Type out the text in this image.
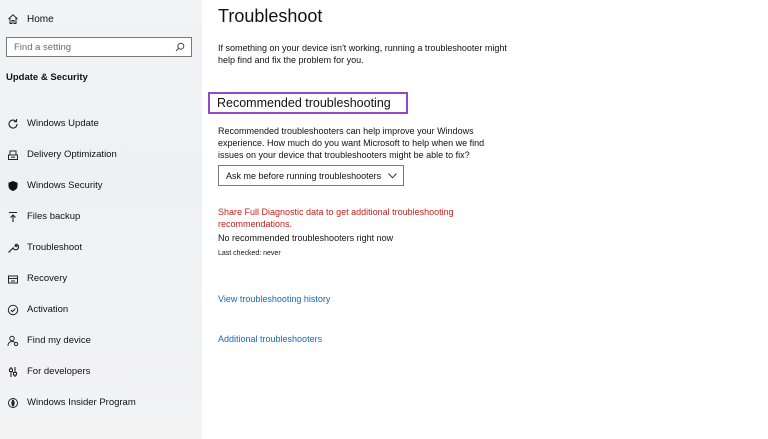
Home
Find a setting
Update & Security
Windows Update
Delivery Optimization
Windows Security
Files backup
Troubleshoot
Recovery
Activation
Find my device
For developers
Windows Insider Program
Troubleshoot
If something on your device isn't working, running a troubleshooter might help find and fix the problem for you.
Recommended troubleshooting
Recommended troubleshooters can help improve your Windows experience. How much do you want Microsoft to help when we find issues on your device that troubleshooters might be able to fix?
Ask me before running troubleshooters
Share Full Diagnostic data to get additional troubleshooting recommendations.
No recommended troubleshooters right now
Last checked: never
View troubleshooting history
Additional troubleshooters
